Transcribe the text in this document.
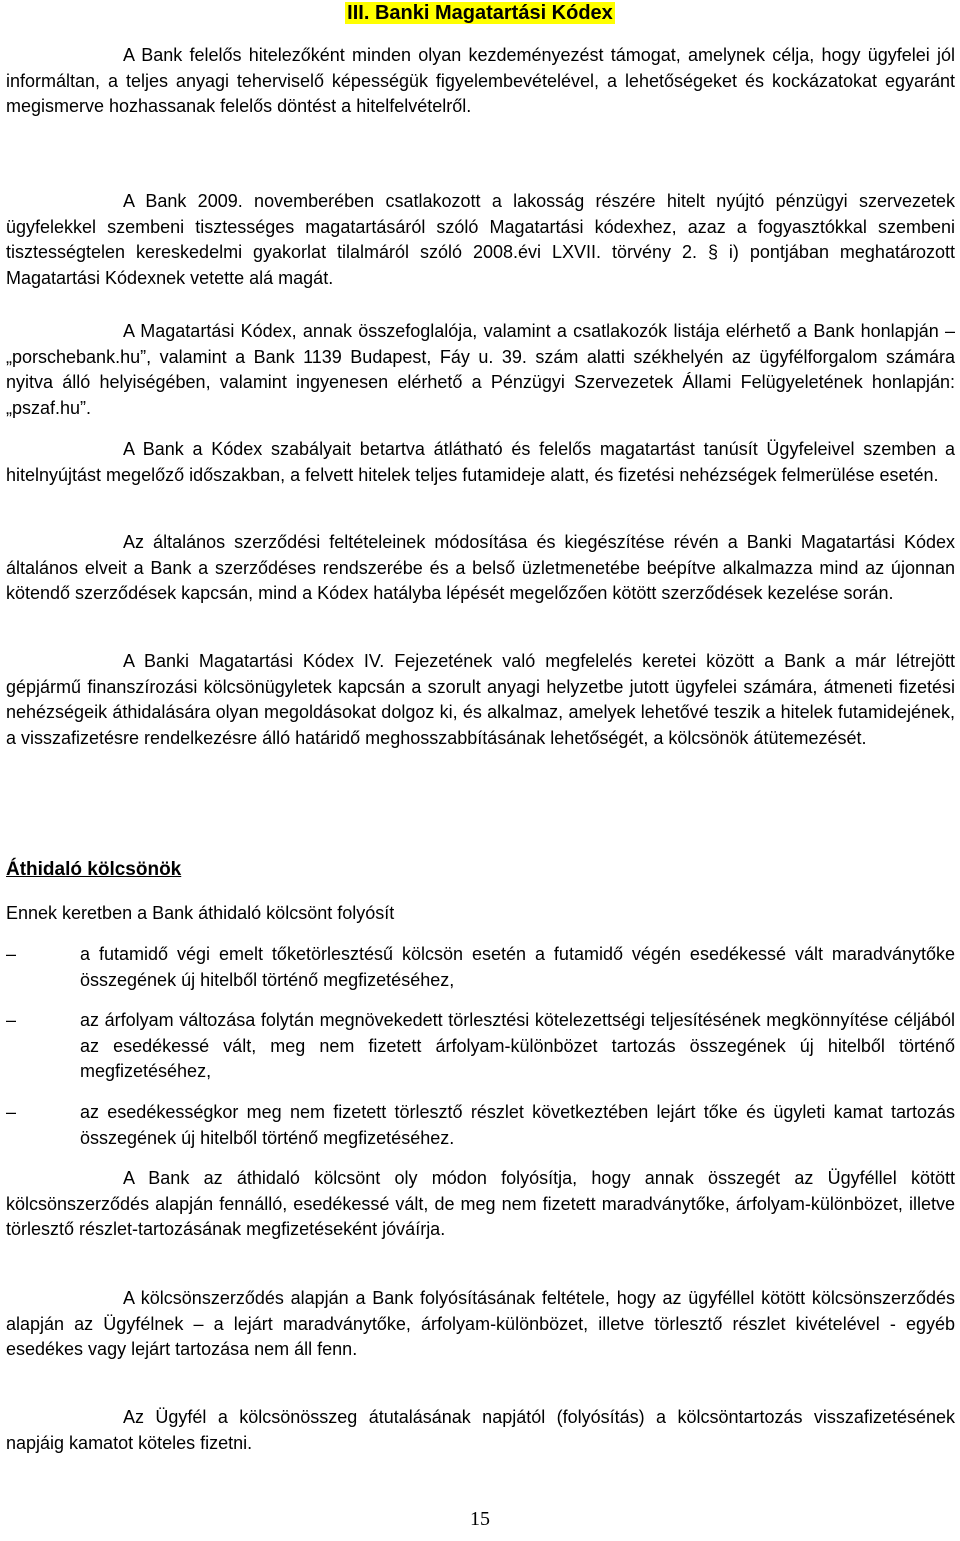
III. Banki Magatartási Kódex

A Bank felelős hitelezőként minden olyan kezdeményezést támogat, amelynek célja, hogy ügyfelei jól informáltan, a teljes anyagi teherviselő képességük figyelembevételével, a lehetőségeket és kockázatokat egyaránt megismerve hozhassanak felelős döntést a hitelfelvételről.

A Bank 2009. novemberében csatlakozott a lakosság részére hitelt nyújtó pénzügyi szervezetek ügyfelekkel szembeni tisztességes magatartásáról szóló Magatartási kódexhez, azaz a fogyasztókkal szembeni tisztességtelen kereskedelmi gyakorlat tilalmáról szóló 2008.évi LXVII. törvény 2. § i) pontjában meghatározott Magatartási Kódexnek vetette alá magát.

A Magatartási Kódex, annak összefoglalója, valamint a csatlakozók listája elérhető a Bank honlapján – „porschebank.hu”, valamint a Bank 1139 Budapest, Fáy u. 39. szám alatti székhelyén az ügyfélforgalom számára nyitva álló helyiségében, valamint ingyenesen elérhető a Pénzügyi Szervezetek Állami Felügyeletének honlapján: „pszaf.hu”.

A Bank a Kódex szabályait betartva átlátható és felelős magatartást tanúsít Ügyfeleivel szemben a hitelnyújtást megelőző időszakban, a felvett hitelek teljes futamideje alatt, és fizetési nehézségek felmerülése esetén.

Az általános szerződési feltételeinek módosítása és kiegészítése révén a Banki Magatartási Kódex általános elveit a Bank a szerződéses rendszerébe és a belső üzletmenetébe beépítve alkalmazza mind az újonnan kötendő szerződések kapcsán, mind a Kódex hatályba lépését megelőzően kötött szerződések kezelése során.

A Banki Magatartási Kódex IV. Fejezetének való megfelelés keretei között a Bank a már létrejött gépjármű finanszírozási kölcsönügyletek kapcsán a szorult anyagi helyzetbe jutott ügyfelei számára, átmeneti fizetési nehézségeik áthidalására olyan megoldásokat dolgoz ki, és alkalmaz, amelyek lehetővé teszik a hitelek futamidejének, a visszafizetésre rendelkezésre álló határidő meghosszabbításának lehetőségét, a kölcsönök átütemezését.

Áthidaló kölcsönök

Ennek keretben a Bank áthidaló kölcsönt folyósít

–	a futamidő végi emelt tőketörlesztésű kölcsön esetén a futamidő végén esedékessé vált maradványtőke összegének új hitelből történő megfizetéséhez,
–	az árfolyam változása folytán megnövekedett törlesztési kötelezettségi teljesítésének megkönnyítése céljából az esedékessé vált, meg nem fizetett árfolyam-különbözet tartozás összegének új hitelből történő megfizetéséhez,
–	az esedékességkor meg nem fizetett törlesztő részlet következtében lejárt tőke és ügyleti kamat tartozás összegének új hitelből történő megfizetéséhez.

A Bank az áthidaló kölcsönt oly módon folyósítja, hogy annak összegét az Ügyféllel kötött kölcsönszerződés alapján fennálló, esedékessé vált, de meg nem fizetett maradványtőke, árfolyam-különbözet, illetve törlesztő részlet-tartozásának megfizetéseként jóváírja.

A kölcsönszerződés alapján a Bank folyósításának feltétele, hogy az ügyféllel kötött kölcsönszerződés alapján az Ügyfélnek – a lejárt maradványtőke, árfolyam-különbözet, illetve törlesztő részlet kivételével - egyéb esedékes vagy lejárt tartozása nem áll fenn.

Az Ügyfél a kölcsönösszeg átutalásának napjától (folyósítás) a kölcsöntartozás visszafizetésének napjáig kamatot köteles fizetni.

15
